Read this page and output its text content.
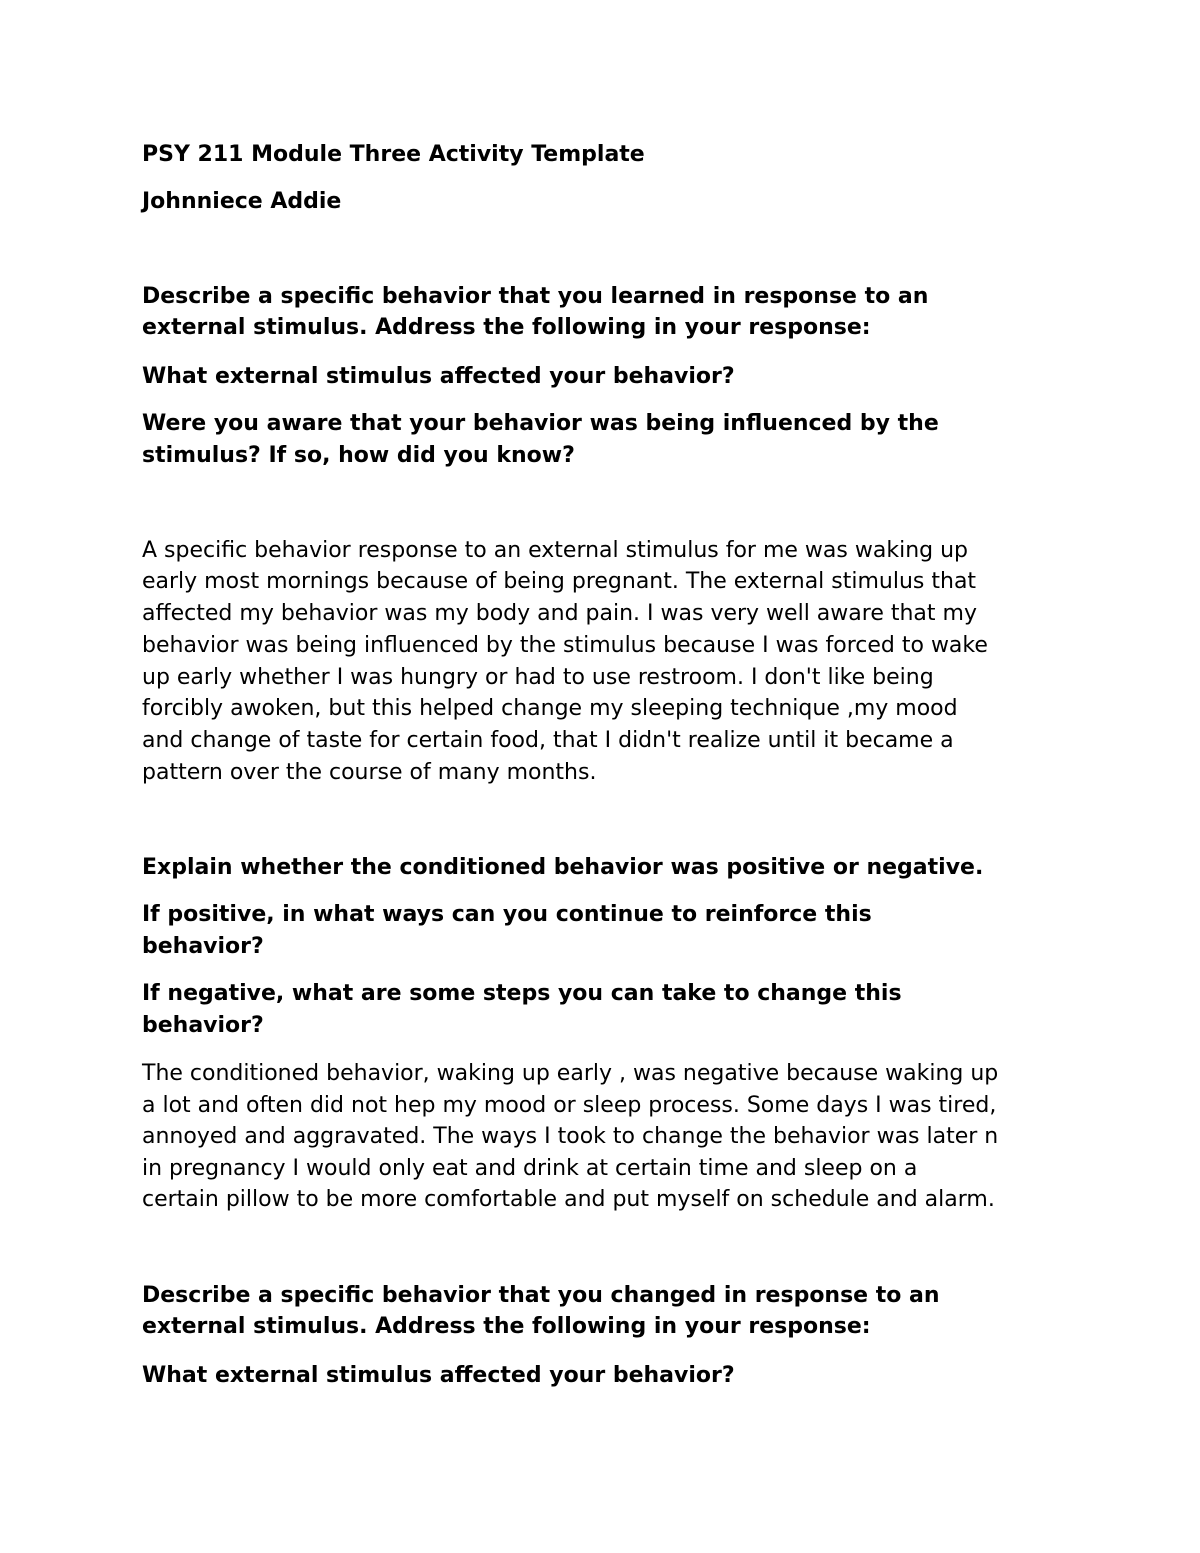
PSY 211 Module Three Activity Template

Johnniece Addie

Describe a specific behavior that you learned in response to an

external stimulus. Address the following in your response:

What external stimulus affected your behavior?

Were you aware that your behavior was being influenced by the

stimulus? If so, how did you know?

A specific behavior response to an external stimulus for me was waking up

early most mornings because of being pregnant. The external stimulus that

affected my behavior was my body and pain. I was very well aware that my

behavior was being influenced by the stimulus because I was forced to wake

up early whether I was hungry or had to use restroom. I don't like being

forcibly awoken, but this helped change my sleeping technique ,my mood

and change of taste for certain food, that I didn't realize until it became a

pattern over the course of many months.

Explain whether the conditioned behavior was positive or negative.

If positive, in what ways can you continue to reinforce this

behavior?

If negative, what are some steps you can take to change this

behavior?

The conditioned behavior, waking up early , was negative because waking up

a lot and often did not hep my mood or sleep process. Some days I was tired,

annoyed and aggravated. The ways I took to change the behavior was later n

in pregnancy I would only eat and drink at certain time and sleep on a

certain pillow to be more comfortable and put myself on schedule and alarm.

Describe a specific behavior that you changed in response to an

external stimulus. Address the following in your response:

What external stimulus affected your behavior?
